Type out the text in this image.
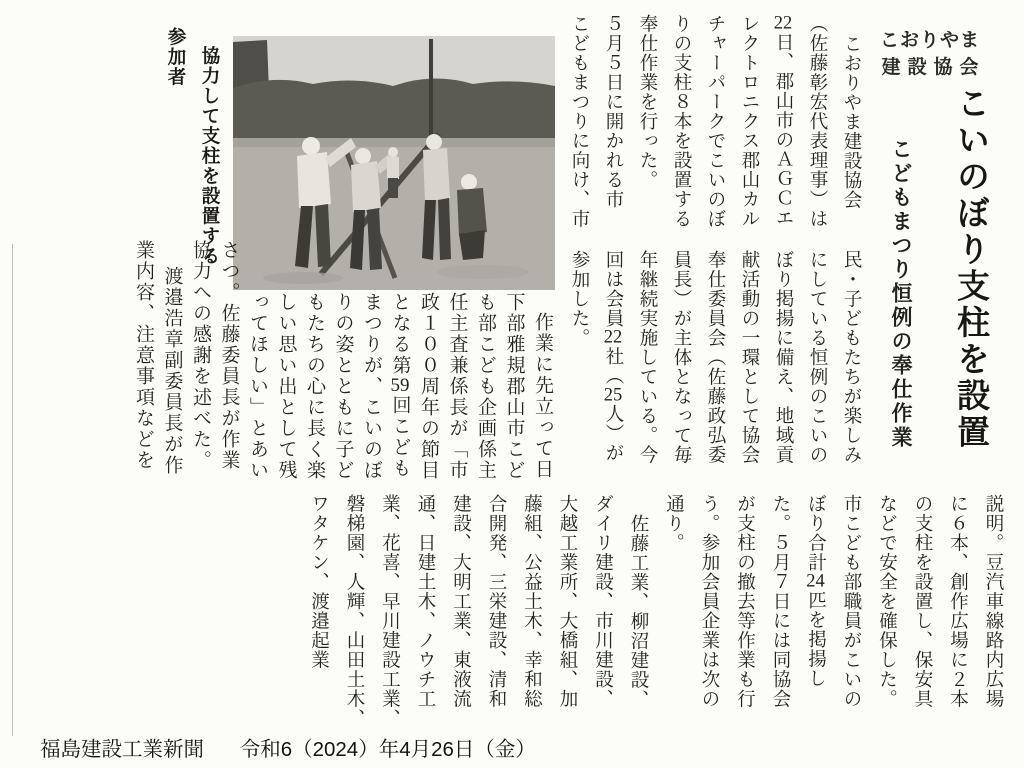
こおりやま
建設協会
こいのぼり支柱を設置
こどもまつり恒例の奉仕作業
こおりやま建設協会
（佐藤彰宏代表理事）は
22日、郡山市のＡＧＣエ
レクトロニクス郡山カル
チャーパークでこいのぼ
りの支柱８本を設置する
奉仕作業を行った。
５月５日に開かれる市
こどもまつりに向け、市
民・子どもたちが楽しみ
にしている恒例のこいの
ぼり掲揚に備え、地域貢
献活動の一環として協会
奉仕委員会（佐藤政弘委
員長）が主体となって毎
年継続実施している。今
回は会員22社（25人）が
参加した。
協力して支柱を設置する
参加者
作業に先立って日
下部雅規郡山市こど
も部こども企画係主
任主査兼係長が「市
政１００周年の節目
となる第59回こども
まつりが、こいのぼ
りの姿とともに子ど
もたちの心に長く楽
しい思い出として残
ってほしい」とあい
さつ。佐藤委員長が作業
協力への感謝を述べた。
渡邉浩章副委員長が作
業内容、注意事項などを
説明。豆汽車線路内広場
に６本、創作広場に２本
の支柱を設置し、保安具
などで安全を確保した。
市こども部職員がこいの
ぼり合計24匹を掲揚し
た。５月７日には同協会
が支柱の撤去等作業も行
う。参加会員企業は次の
通り。
佐藤工業、柳沼建設、
ダイリ建設、市川建設、
大越工業所、大橋組、加
藤組、公益土木、幸和総
合開発、三栄建設、清和
建設、大明工業、東液流
通、日建土木、ノウチ工
業、花喜、早川建設工業、
磐梯園、人輝、山田土木、
ワタケン、渡邉起業
福島建設工業新聞 令和6（2024）年4月26日（金）
